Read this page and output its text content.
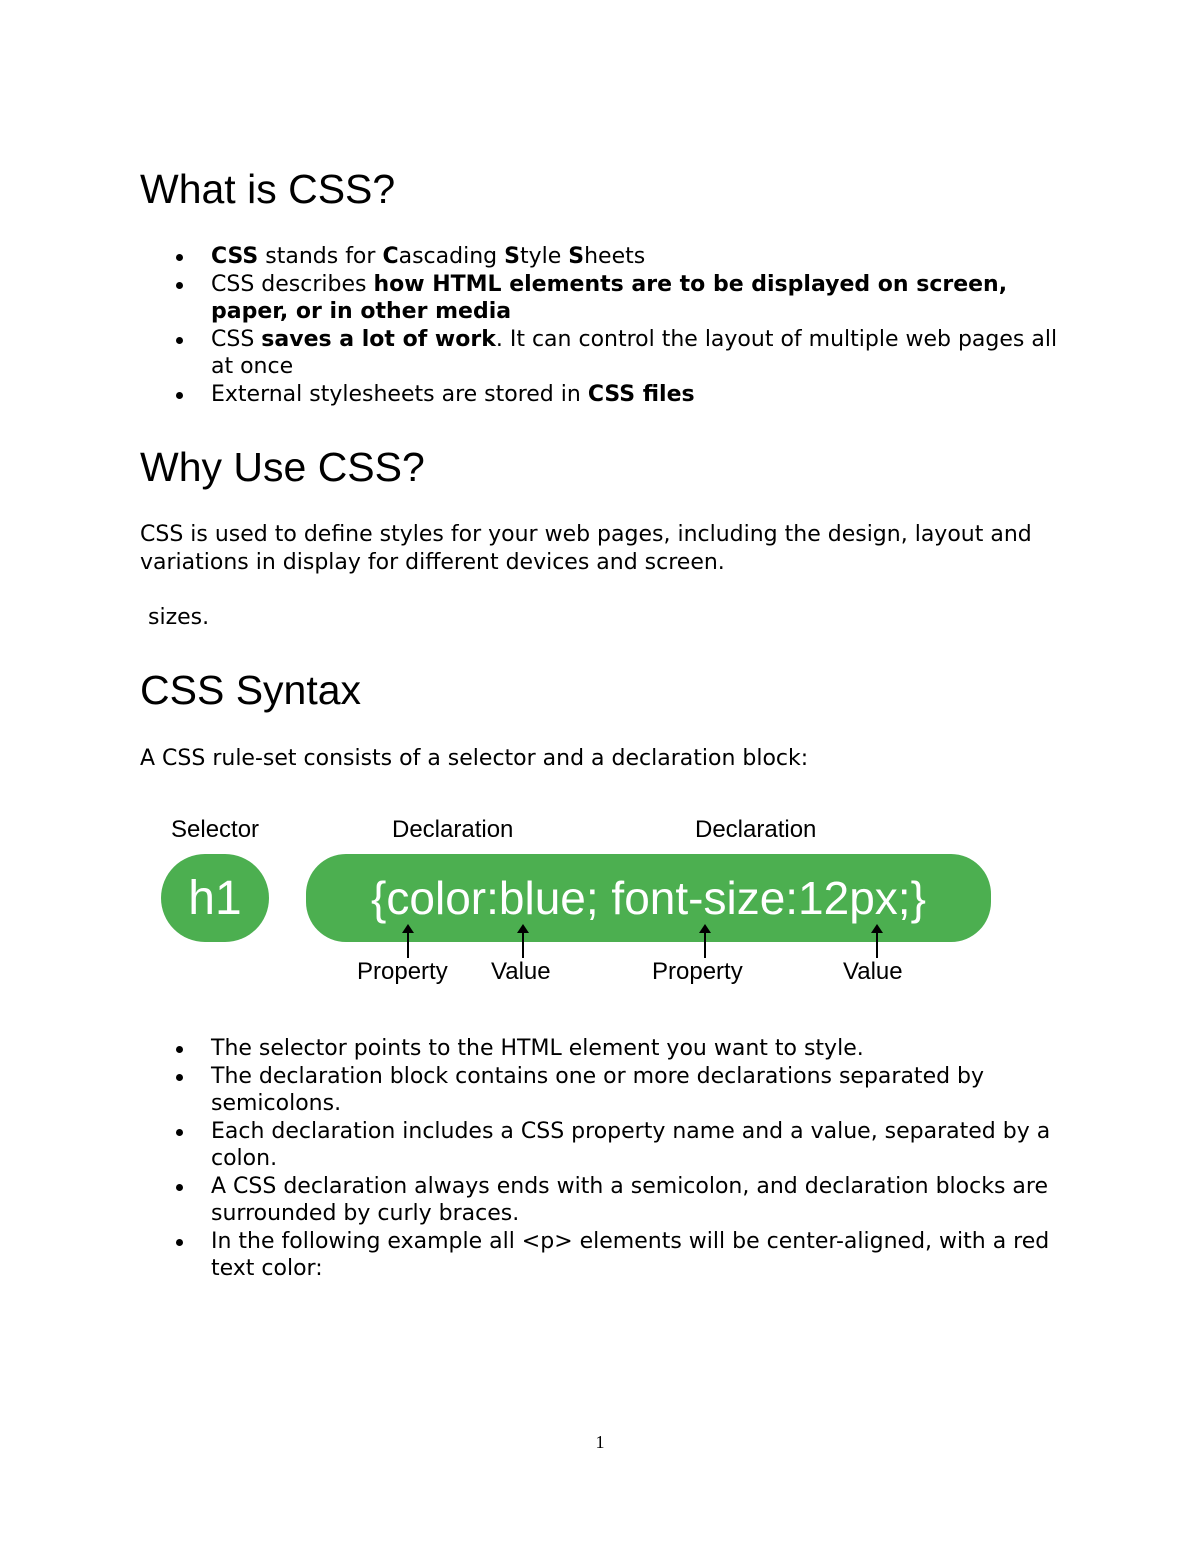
What is CSS?
CSS stands for Cascading Style Sheets
CSS describes how HTML elements are to be displayed on screen, paper, or in other media
CSS saves a lot of work. It can control the layout of multiple web pages all at once
External stylesheets are stored in CSS files
Why Use CSS?

CSS is used to define styles for your web pages, including the design, layout and variations in display for different devices and screen.

sizes.

CSS Syntax

A CSS rule-set consists of a selector and a declaration block:

Selector	Declaration	Declaration
h1	{color:blue; font-size:12px;}
Property Value	Property	Value
The selector points to the HTML element you want to style.
The declaration block contains one or more declarations separated by semicolons.
Each declaration includes a CSS property name and a value, separated by a colon.
A CSS declaration always ends with a semicolon, and declaration blocks are surrounded by curly braces.
In the following example all <p> elements will be center-aligned, with a red text color:
1
